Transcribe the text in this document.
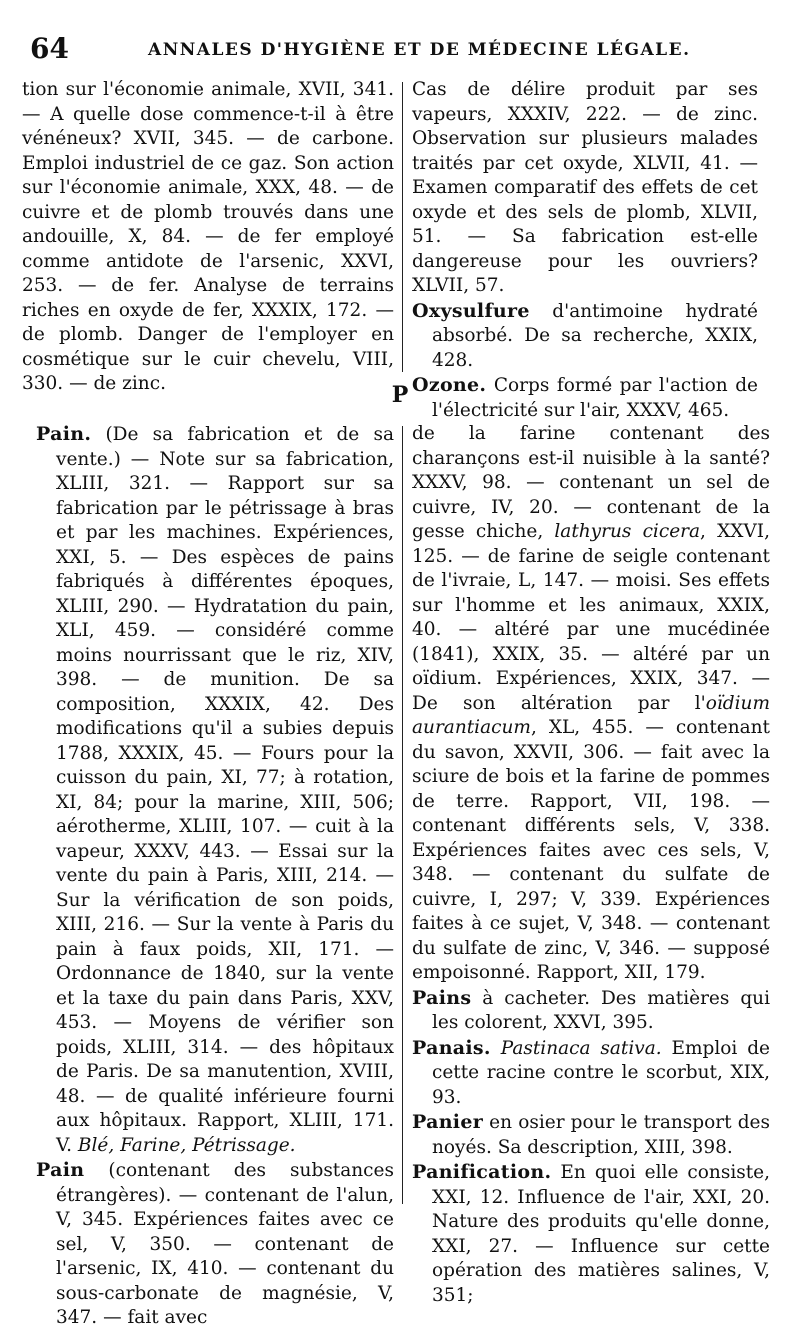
64	ANNALES D'HYGIÈNE ET DE MÉDECINE LÉGALE.

tion sur l'économie animale, XVII, 341. — A quelle dose commence-t-il à être vénéneux? XVII, 345. — de carbone. Emploi industriel de ce gaz. Son action sur l'économie animale, XXX, 48. — de cuivre et de plomb trouvés dans une andouille, X, 84. — de fer employé comme antidote de l'arsenic, XXVI, 253. — de fer. Analyse de terrains riches en oxyde de fer, XXXIX, 172. — de plomb. Danger de l'employer en cosmétique sur le cuir chevelu, VIII, 330. — de zinc.

Cas de délire produit par ses vapeurs, XXXIV, 222. — de zinc. Observation sur plusieurs malades traités par cet oxyde, XLVII, 41. — Examen comparatif des effets de cet oxyde et des sels de plomb, XLVII, 51. — Sa fabrication est-elle dangereuse pour les ouvriers? XLVII, 57.

Oxysulfure d'antimoine hydraté absorbé. De sa recherche, XXIX, 428.

Ozone. Corps formé par l'action de l'électricité sur l'air, XXXV, 465.

P

Pain. (De sa fabrication et de sa vente.) — Note sur sa fabrication, XLIII, 321. — Rapport sur sa fabrication par le pétrissage à bras et par les machines. Expériences, XXI, 5. — Des espèces de pains fabriqués à différentes époques, XLIII, 290. — Hydratation du pain, XLI, 459. — considéré comme moins nourrissant que le riz, XIV, 398. — de munition. De sa composition, XXXIX, 42. Des modifications qu'il a subies depuis 1788, XXXIX, 45. — Fours pour la cuisson du pain, XI, 77; à rotation, XI, 84; pour la marine, XIII, 506; aérotherme, XLIII, 107. — cuit à la vapeur, XXXV, 443. — Essai sur la vente du pain à Paris, XIII, 214. — Sur la vérification de son poids, XIII, 216. — Sur la vente à Paris du pain à faux poids, XII, 171. — Ordonnance de 1840, sur la vente et la taxe du pain dans Paris, XXV, 453. — Moyens de vérifier son poids, XLIII, 314. — des hôpitaux de Paris. De sa manutention, XVIII, 48. — de qualité inférieure fourni aux hôpitaux. Rapport, XLIII, 171. V. Blé, Farine, Pétrissage.

Pain (contenant des substances étrangères). — contenant de l'alun, V, 345. Expériences faites avec ce sel, V, 350. — contenant de l'arsenic, IX, 410. — contenant du sous-carbonate de magnésie, V, 347. — fait avec

de la farine contenant des charançons est-il nuisible à la santé? XXXV, 98. — contenant un sel de cuivre, IV, 20. — contenant de la gesse chiche, lathyrus cicera, XXVI, 125. — de farine de seigle contenant de l'ivraie, L, 147. — moisi. Ses effets sur l'homme et les animaux, XXIX, 40. — altéré par une mucédinée (1841), XXIX, 35. — altéré par un oïdium. Expériences, XXIX, 347. — De son altération par l'oïdium aurantiacum, XL, 455. — contenant du savon, XXVII, 306. — fait avec la sciure de bois et la farine de pommes de terre. Rapport, VII, 198. — contenant différents sels, V, 338. Expériences faites avec ces sels, V, 348. — contenant du sulfate de cuivre, I, 297; V, 339. Expériences faites à ce sujet, V, 348. — contenant du sulfate de zinc, V, 346. — supposé empoisonné. Rapport, XII, 179.

Pains à cacheter. Des matières qui les colorent, XXVI, 395.

Panais. Pastinaca sativa. Emploi de cette racine contre le scorbut, XIX, 93.

Panier en osier pour le transport des noyés. Sa description, XIII, 398.

Panification. En quoi elle consiste, XXI, 12. Influence de l'air, XXI, 20. Nature des produits qu'elle donne, XXI, 27. — Influence sur cette opération des matières salines, V, 351;
